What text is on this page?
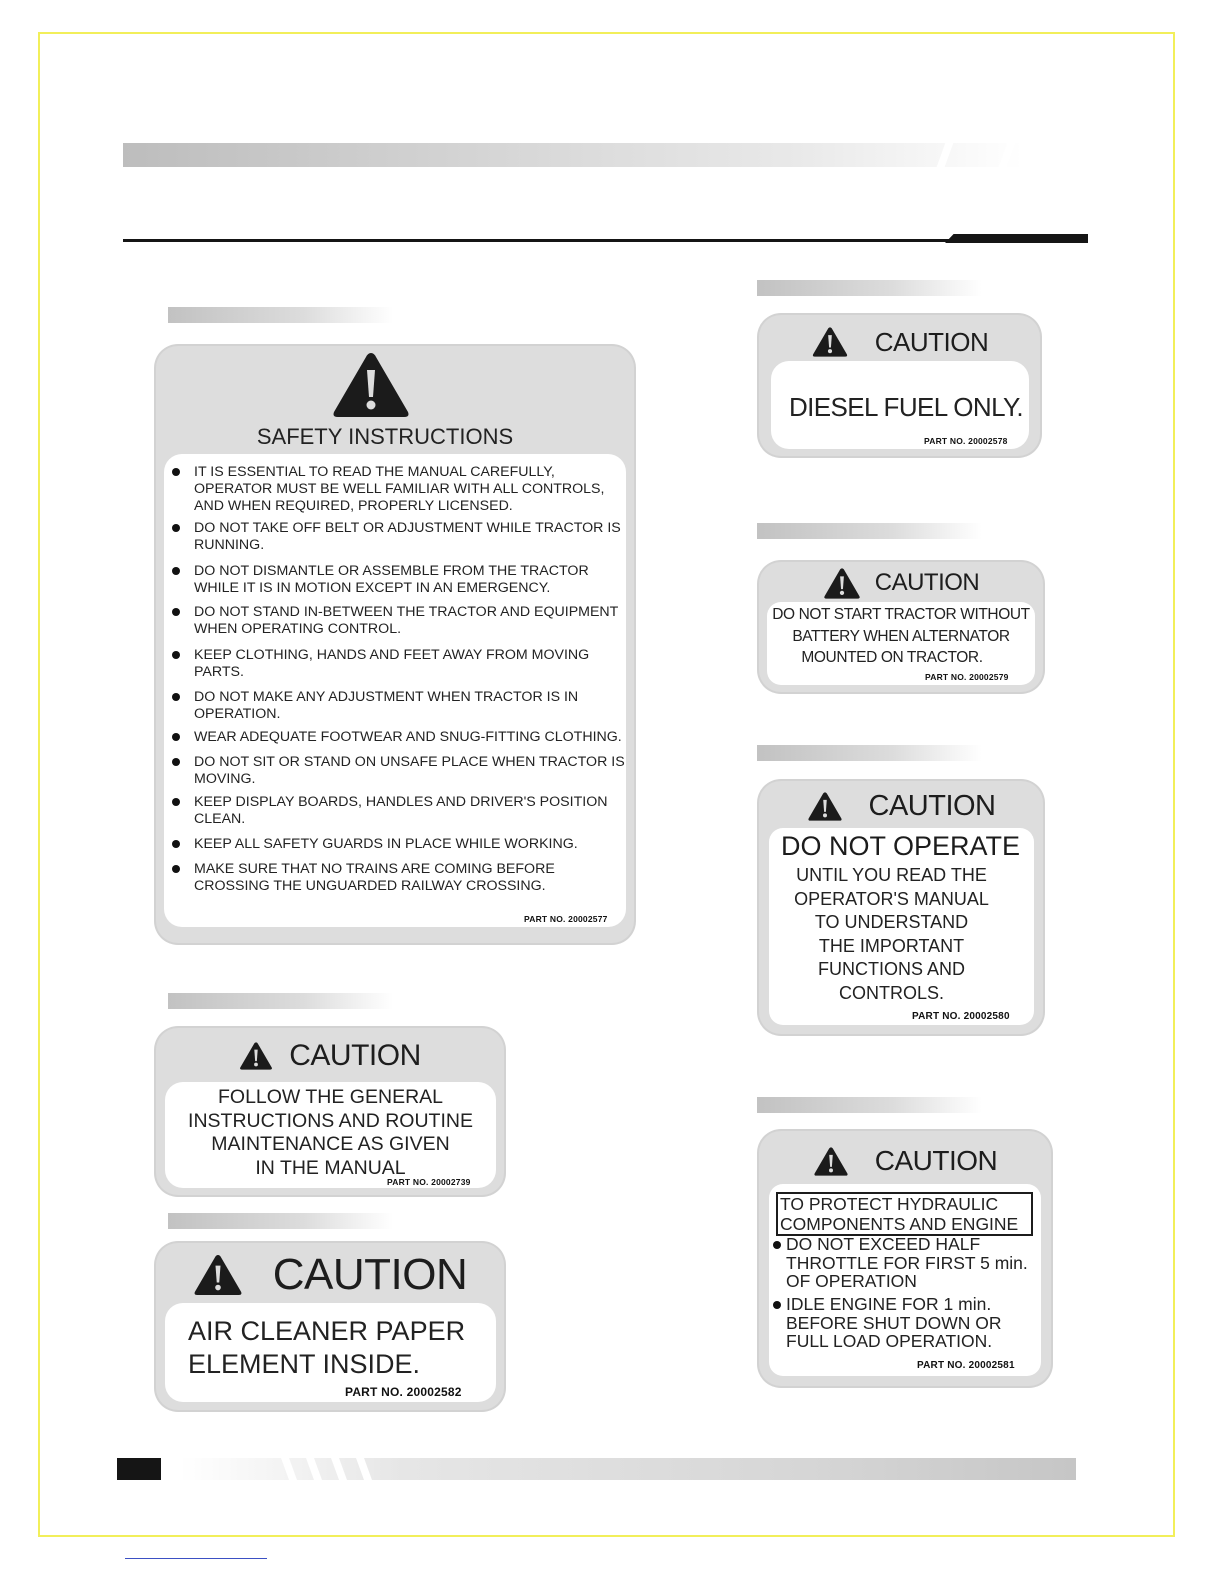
SAFETY INSTRUCTIONS
IT IS ESSENTIAL TO READ THE MANUAL CAREFULLY, OPERATOR MUST BE WELL FAMILIAR WITH ALL CONTROLS, AND WHEN REQUIRED, PROPERLY LICENSED.
DO NOT TAKE OFF BELT OR ADJUSTMENT WHILE TRACTOR IS RUNNING.
DO NOT DISMANTLE OR ASSEMBLE FROM THE TRACTOR WHILE IT IS IN MOTION EXCEPT IN AN EMERGENCY.
DO NOT STAND IN-BETWEEN THE TRACTOR AND EQUIPMENT WHEN OPERATING CONTROL.
KEEP CLOTHING, HANDS AND FEET AWAY FROM MOVING PARTS.
DO NOT MAKE ANY ADJUSTMENT WHEN TRACTOR IS IN OPERATION.
WEAR ADEQUATE FOOTWEAR AND SNUG-FITTING CLOTHING.
DO NOT SIT OR STAND ON UNSAFE PLACE WHEN TRACTOR IS MOVING.
KEEP DISPLAY BOARDS, HANDLES AND DRIVER'S POSITION CLEAN.
KEEP ALL SAFETY GUARDS IN PLACE WHILE WORKING.
MAKE SURE THAT NO TRAINS ARE COMING BEFORE CROSSING THE UNGUARDED RAILWAY CROSSING.
PART NO. 20002577
CAUTION
FOLLOW THE GENERAL
INSTRUCTIONS AND ROUTINE
MAINTENANCE AS GIVEN
IN THE MANUAL
PART NO. 20002739
CAUTION
AIR CLEANER PAPER
ELEMENT INSIDE.
PART NO. 20002582
CAUTION
DIESEL FUEL ONLY.
PART NO. 20002578
CAUTION
DO NOT START TRACTOR WITHOUT
BATTERY WHEN ALTERNATOR
MOUNTED ON TRACTOR.
PART NO. 20002579
CAUTION
DO NOT OPERATE
UNTIL YOU READ THE
OPERATOR'S MANUAL
TO UNDERSTAND
THE IMPORTANT
FUNCTIONS AND
CONTROLS.
PART NO. 20002580
CAUTION
TO PROTECT HYDRAULIC
COMPONENTS AND ENGINE
DO NOT EXCEED HALF
THROTTLE FOR FIRST 5 min.
OF OPERATION
IDLE ENGINE FOR 1 min.
BEFORE SHUT DOWN OR
FULL LOAD OPERATION.
PART NO. 20002581
